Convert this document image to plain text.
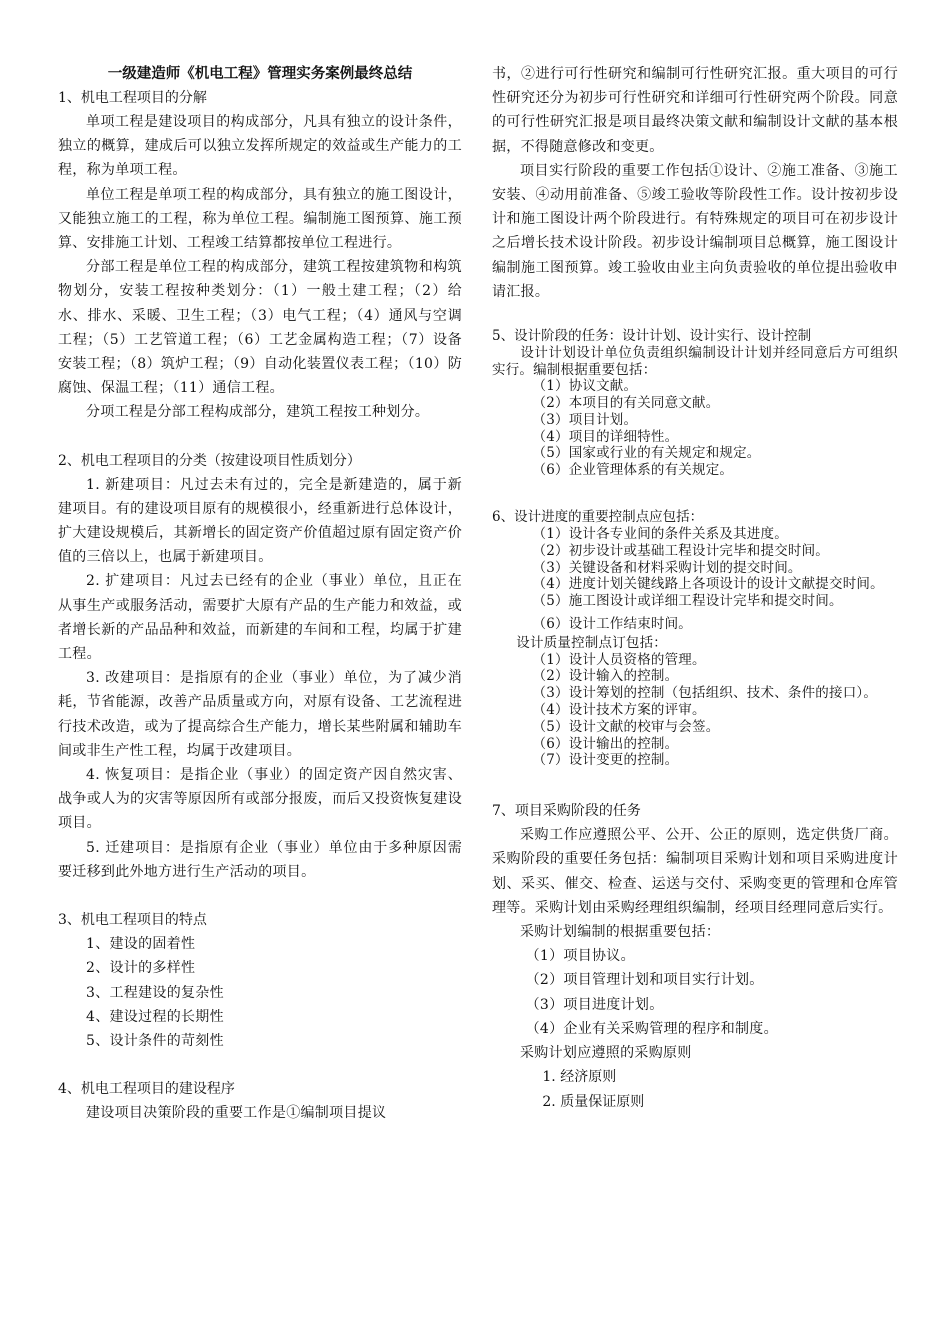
一级建造师《机电工程》管理实务案例最终总结

1、机电工程项目的分解

单项工程是建设项目的构成部分，凡具有独立的设计条件，独立的概算，建成后可以独立发挥所规定的效益或生产能力的工程，称为单项工程。

单位工程是单项工程的构成部分，具有独立的施工图设计，又能独立施工的工程，称为单位工程。编制施工图预算、施工预算、安排施工计划、工程竣工结算都按单位工程进行。

分部工程是单位工程的构成部分，建筑工程按建筑物和构筑物划分，安装工程按种类划分：（1）一般土建工程；（2）给水、排水、采暖、卫生工程；（3）电气工程；（4）通风与空调工程；（5）工艺管道工程；（6）工艺金属构造工程；（7）设备安装工程；（8）筑炉工程；（9）自动化装置仪表工程；（10）防腐蚀、保温工程；（11）通信工程。

分项工程是分部工程构成部分，建筑工程按工种划分。

2、机电工程项目的分类（按建设项目性质划分）

1. 新建项目：凡过去未有过的，完全是新建造的，属于新建项目。有的建设项目原有的规模很小，经重新进行总体设计，扩大建设规模后，其新增长的固定资产价值超过原有固定资产价值的三倍以上，也属于新建项目。

2. 扩建项目：凡过去已经有的企业（事业）单位，且正在从事生产或服务活动，需要扩大原有产品的生产能力和效益，或者增长新的产品品种和效益，而新建的车间和工程，均属于扩建工程。

3. 改建项目：是指原有的企业（事业）单位，为了减少消耗，节省能源，改善产品质量或方向，对原有设备、工艺流程进行技术改造，或为了提高综合生产能力，增长某些附属和辅助车间或非生产性工程，均属于改建项目。

4. 恢复项目：是指企业（事业）的固定资产因自然灾害、战争或人为的灾害等原因所有或部分报废，而后又投资恢复建设项目。

5. 迁建项目：是指原有企业（事业）单位由于多种原因需要迁移到此外地方进行生产活动的项目。

3、机电工程项目的特点

1、建设的固着性

2、设计的多样性

3、工程建设的复杂性

4、建设过程的长期性

5、设计条件的苛刻性

4、机电工程项目的建设程序

建设项目决策阶段的重要工作是①编制项目提议

书，②进行可行性研究和编制可行性研究汇报。重大项目的可行性研究还分为初步可行性研究和详细可行性研究两个阶段。同意的可行性研究汇报是项目最终决策文献和编制设计文献的基本根据，不得随意修改和变更。

项目实行阶段的重要工作包括①设计、②施工准备、③施工安装、④动用前准备、⑤竣工验收等阶段性工作。设计按初步设计和施工图设计两个阶段进行。有特殊规定的项目可在初步设计之后增长技术设计阶段。初步设计编制项目总概算，施工图设计编制施工图预算。竣工验收由业主向负责验收的单位提出验收申请汇报。

5、设计阶段的任务：设计计划、设计实行、设计控制

设计计划设计单位负责组织编制设计计划并经同意后方可组织实行。编制根据重要包括：

（1）协议文献。

（2）本项目的有关同意文献。

（3）项目计划。

（4）项目的详细特性。

（5）国家或行业的有关规定和规定。

（6）企业管理体系的有关规定。

6、设计进度的重要控制点应包括：

（1）设计各专业间的条件关系及其进度。

（2）初步设计或基础工程设计完毕和提交时间。

（3）关键设备和材料采购计划的提交时间。

（4）进度计划关键线路上各项设计的设计文献提交时间。

（5）施工图设计或详细工程设计完毕和提交时间。

（6）设计工作结束时间。

设计质量控制点订包括：

（1）设计人员资格的管理。

（2）设计输入的控制。

（3）设计筹划的控制（包括组织、技术、条件的接口）。

（4）设计技术方案的评审。

（5）设计文献的校审与会签。

（6）设计输出的控制。

（7）设计变更的控制。

7、项目采购阶段的任务

采购工作应遵照公平、公开、公正的原则，选定供货厂商。采购阶段的重要任务包括：编制项目采购计划和项目采购进度计划、采买、催交、检查、运送与交付、采购变更的管理和仓库管理等。采购计划由采购经理组织编制，经项目经理同意后实行。

采购计划编制的根据重要包括：

（1）项目协议。

（2）项目管理计划和项目实行计划。

（3）项目进度计划。

（4）企业有关采购管理的程序和制度。

采购计划应遵照的采购原则

1. 经济原则

2. 质量保证原则
